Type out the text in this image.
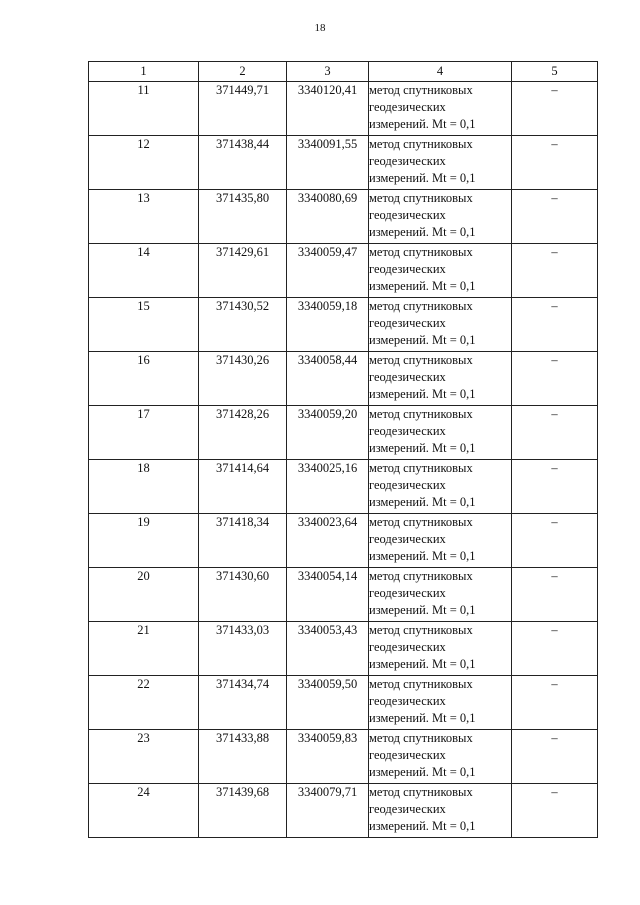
18
1	2	3	4	5
11	371449,71	3340120,41	метод спутниковых
геодезических
измерений. Mt = 0,1	–
12	371438,44	3340091,55	метод спутниковых
геодезических
измерений. Mt = 0,1	–
13	371435,80	3340080,69	метод спутниковых
геодезических
измерений. Mt = 0,1	–
14	371429,61	3340059,47	метод спутниковых
геодезических
измерений. Mt = 0,1	–
15	371430,52	3340059,18	метод спутниковых
геодезических
измерений. Mt = 0,1	–
16	371430,26	3340058,44	метод спутниковых
геодезических
измерений. Mt = 0,1	–
17	371428,26	3340059,20	метод спутниковых
геодезических
измерений. Mt = 0,1	–
18	371414,64	3340025,16	метод спутниковых
геодезических
измерений. Mt = 0,1	–
19	371418,34	3340023,64	метод спутниковых
геодезических
измерений. Mt = 0,1	–
20	371430,60	3340054,14	метод спутниковых
геодезических
измерений. Mt = 0,1	–
21	371433,03	3340053,43	метод спутниковых
геодезических
измерений. Mt = 0,1	–
22	371434,74	3340059,50	метод спутниковых
геодезических
измерений. Mt = 0,1	–
23	371433,88	3340059,83	метод спутниковых
геодезических
измерений. Mt = 0,1	–
24	371439,68	3340079,71	метод спутниковых
геодезических
измерений. Mt = 0,1	–
